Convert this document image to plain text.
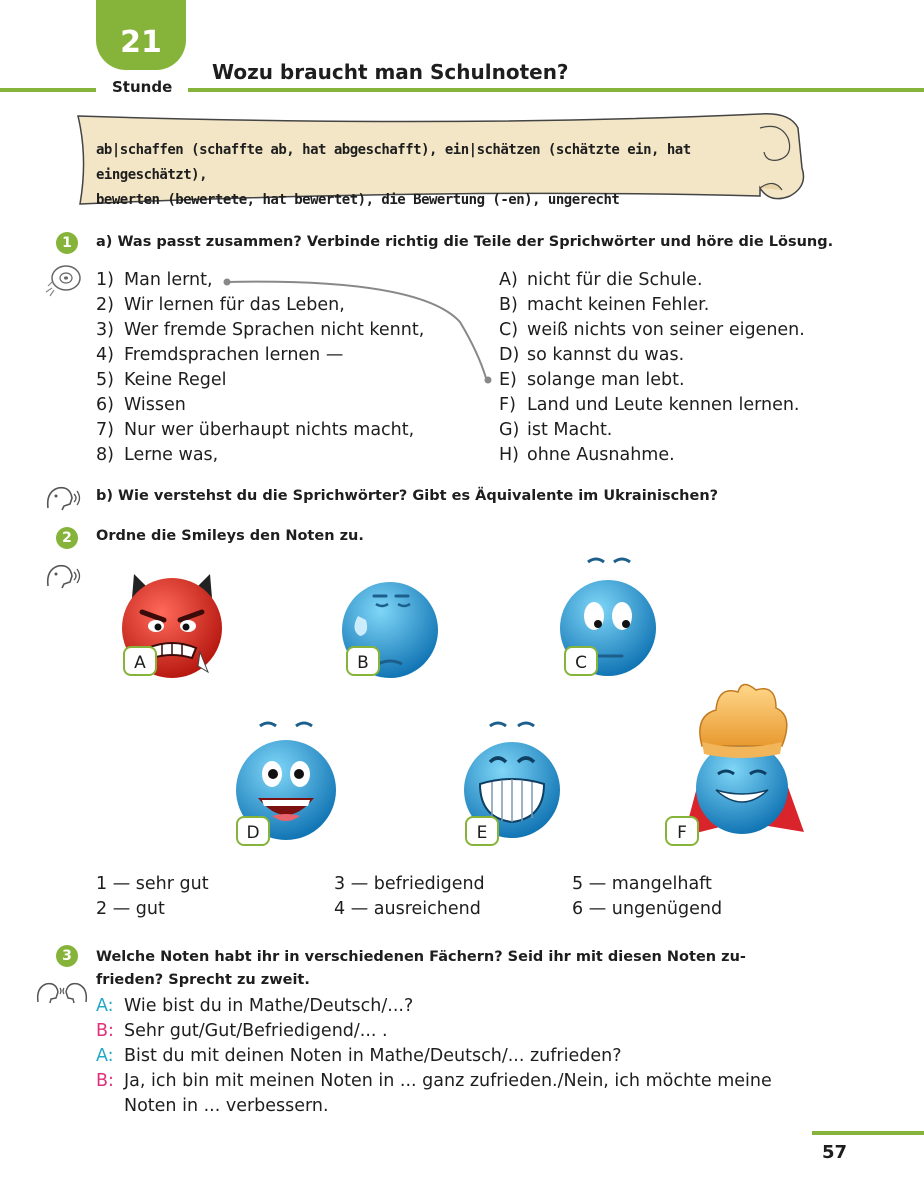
21
Stunde
Wozu braucht man Schulnoten?
ab|schaffen (schaffte ab, hat abgeschafft), ein|schätzen (schätzte ein, hat eingeschätzt),
bewerten (bewertete, hat bewertet), die Bewertung (-en), ungerecht
1	a) Was passt zusammen? Verbinde richtig die Teile der Sprichwörter und höre die Lösung.
1) Man lernt,
2) Wir lernen für das Leben,
3) Wer fremde Sprachen nicht kennt,
4) Fremdsprachen lernen —
5) Keine Regel
6) Wissen
7) Nur wer überhaupt nichts macht,
8) Lerne was,
A) nicht für die Schule.
B) macht keinen Fehler.
C) weiß nichts von seiner eigenen.
D) so kannst du was.
E) solange man lebt.
F) Land und Leute kennen lernen.
G) ist Macht.
H) ohne Ausnahme.
b) Wie verstehst du die Sprichwörter? Gibt es Äquivalente im Ukrainischen?
2	Ordne die Smileys den Noten zu.
A	B	C
D	E	F
1 — sehr gut
2 — gut
3 — befriedigend
4 — ausreichend
5 — mangelhaft
6 — ungenügend
3	Welche Noten habt ihr in verschiedenen Fächern? Seid ihr mit diesen Noten zu-
frieden? Sprecht zu zweit.
A: Wie bist du in Mathe/Deutsch/...?
B: Sehr gut/Gut/Befriedigend/... .
A: Bist du mit deinen Noten in Mathe/Deutsch/... zufrieden?
B: Ja, ich bin mit meinen Noten in ... ganz zufrieden./Nein, ich möchte meine
Noten in ... verbessern.
57
